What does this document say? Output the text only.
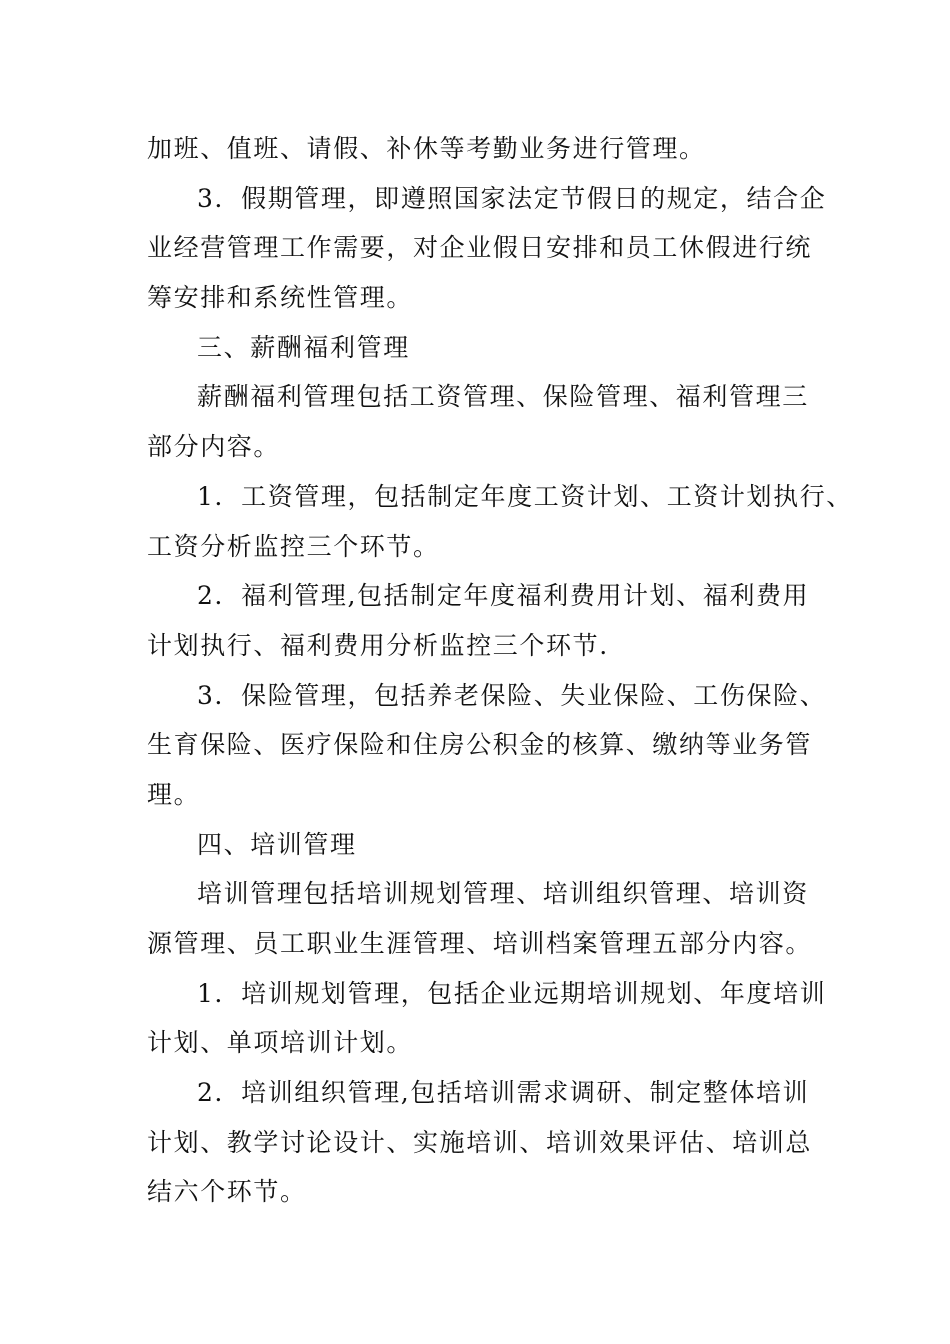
加班、值班、请假、补休等考勤业务进行管理。
3．假期管理，即遵照国家法定节假日的规定，结合企
业经营管理工作需要，对企业假日安排和员工休假进行统
筹安排和系统性管理。
三、薪酬福利管理
薪酬福利管理包括工资管理、保险管理、福利管理三
部分内容。
1．工资管理，包括制定年度工资计划、工资计划执行、
工资分析监控三个环节。
2．福利管理,包括制定年度福利费用计划、福利费用
计划执行、福利费用分析监控三个环节.
3．保险管理，包括养老保险、失业保险、工伤保险、
生育保险、医疗保险和住房公积金的核算、缴纳等业务管
理。
四、培训管理
培训管理包括培训规划管理、培训组织管理、培训资
源管理、员工职业生涯管理、培训档案管理五部分内容。
1．培训规划管理，包括企业远期培训规划、年度培训
计划、单项培训计划。
2．培训组织管理,包括培训需求调研、制定整体培训
计划、教学讨论设计、实施培训、培训效果评估、培训总
结六个环节。
